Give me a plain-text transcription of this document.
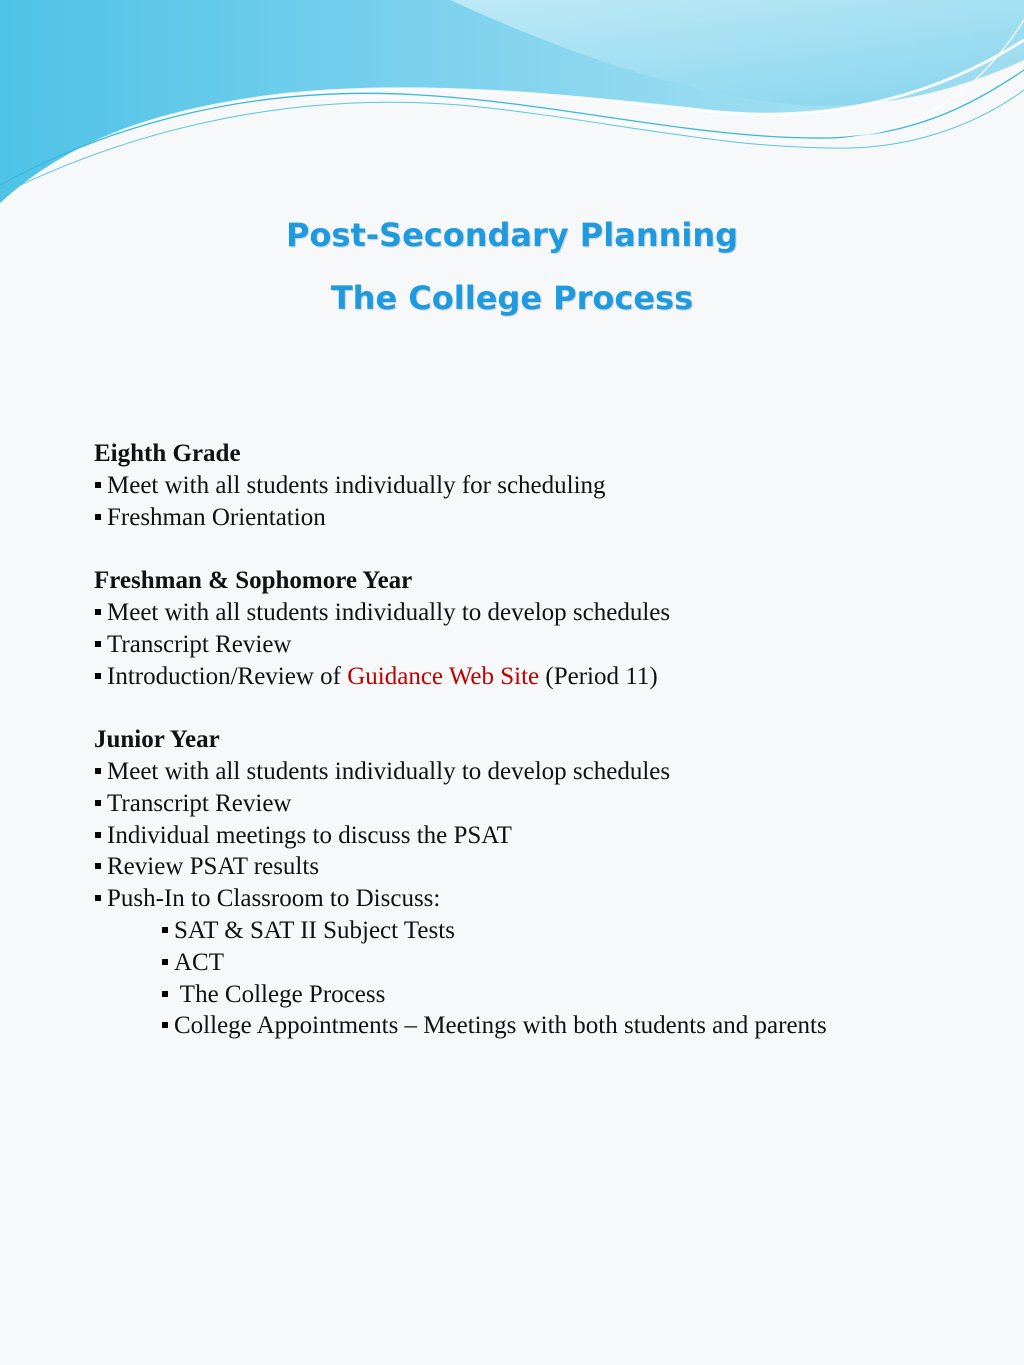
Post-Secondary Planning
The College Process
Eighth Grade
Meet with all students individually for scheduling
Freshman Orientation
Freshman & Sophomore Year
Meet with all students individually to develop schedules
Transcript Review
Introduction/Review of Guidance Web Site (Period 11)
Junior Year
Meet with all students individually to develop schedules
Transcript Review
Individual meetings to discuss the PSAT
Review PSAT results
Push-In to Classroom to Discuss:
SAT & SAT II Subject Tests
ACT
The College Process
College Appointments – Meetings with both students and parents
